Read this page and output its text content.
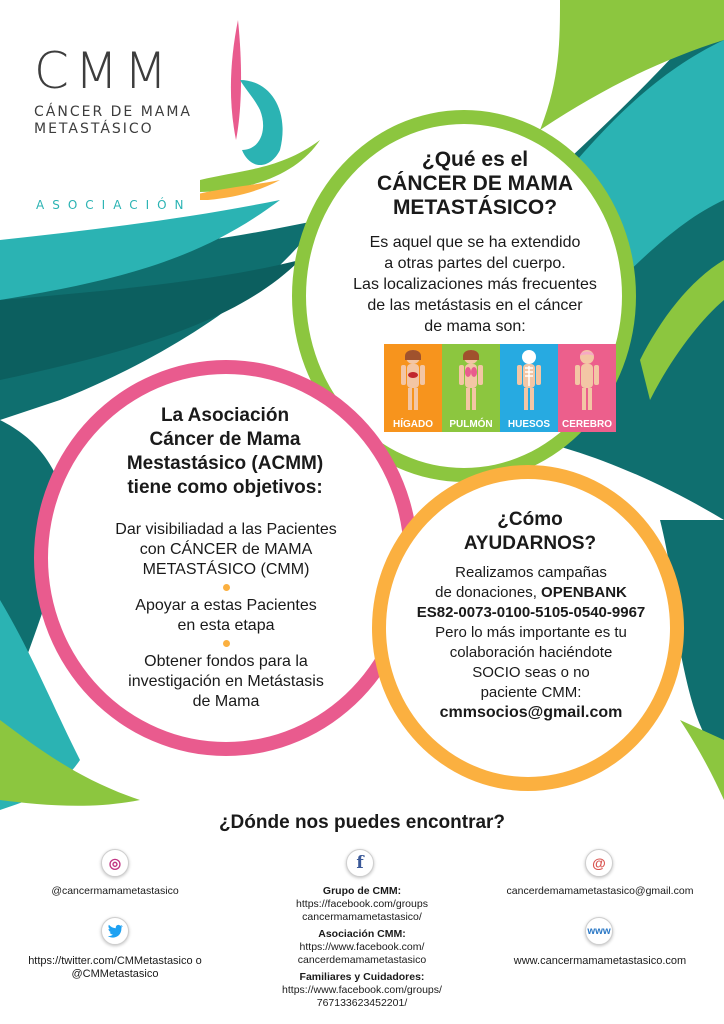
CMM
CÁNCER DE MAMA
METASTÁSICO
ASOCIACIÓN
¿Qué es el
CÁNCER DE MAMA
METASTÁSICO?
Es aquel que se ha extendido
a otras partes del cuerpo.
Las localizaciones más frecuentes
de las metástasis en el cáncer
de mama son:
HÍGADO	PULMÓN	HUESOS	CEREBRO
La Asociación
Cáncer de Mama
Mestastásico (ACMM)
tiene como objetivos:
Dar visibiliadad a las Pacientes
con CÁNCER de MAMA
METASTÁSICO (CMM)
Apoyar a estas Pacientes
en esta etapa
Obtener fondos para la
investigación en Metástasis
de Mama
¿Cómo
AYUDARNOS?
Realizamos campañas
de donaciones, OPENBANK
ES82-0073-0100-5105-0540-9967
Pero lo más importante es tu
colaboración haciéndote
SOCIO seas o no
paciente CMM:
cmmsocios@gmail.com
¿Dónde nos puedes encontrar?
◎
@cancermamametastasico
f
Grupo de CMM:
https://facebook.com/groups
cancermamametastasico/
Asociación CMM:
https://www.facebook.com/
cancerdemamametastasico
Familiares y Cuidadores:
https://www.facebook.com/groups/
767133623452201/
@
cancerdemamametastasico@gmail.com
https://twitter.com/CMMetastasico o
@CMMetastasico
www
www.cancermamametastasico.com
